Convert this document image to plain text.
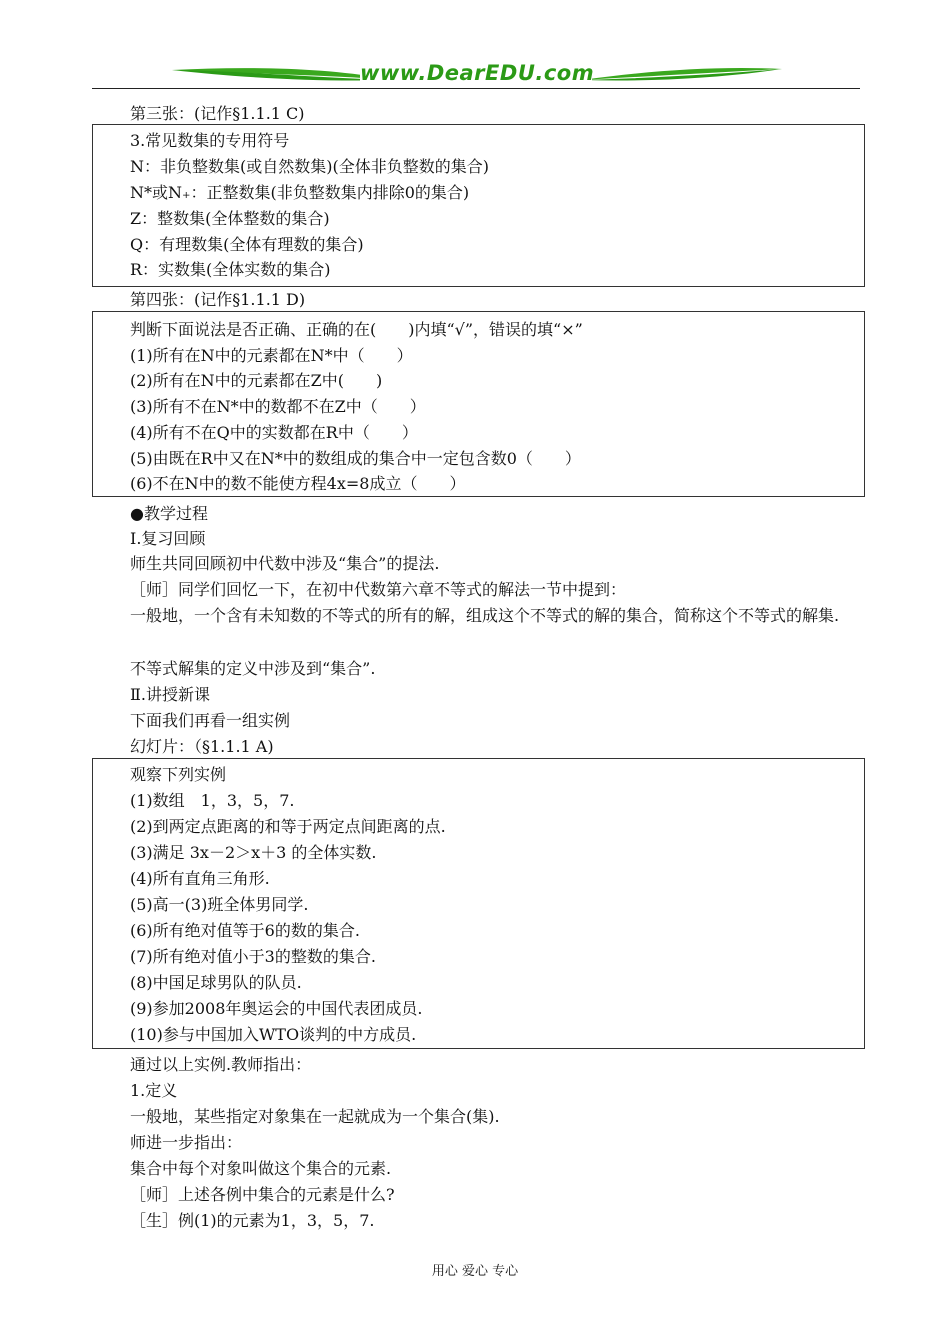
www.DearEDU.com
第三张：(记作§1.1.1 C)
3.常见数集的专用符号
N：非负整数集(或自然数集)(全体非负整数的集合)
N*或N₊：正整数集(非负整数集内排除0的集合)
Z：整数集(全体整数的集合)
Q：有理数集(全体有理数的集合)
R：实数集(全体实数的集合)
第四张：(记作§1.1.1 D)
判断下面说法是否正确、正确的在(　　)内填“√”，错误的填“×”
(1)所有在N中的元素都在N*中（　　）
(2)所有在N中的元素都在Z中(　　)
(3)所有不在N*中的数都不在Z中（　　）
(4)所有不在Q中的实数都在R中（　　）
(5)由既在R中又在N*中的数组成的集合中一定包含数0（　　）
(6)不在N中的数不能使方程4x=8成立（　　）
●教学过程
Ⅰ.复习回顾
师生共同回顾初中代数中涉及“集合”的提法.
［师］同学们回忆一下，在初中代数第六章不等式的解法一节中提到：
一般地，一个含有未知数的不等式的所有的解，组成这个不等式的解的集合，简称这个不等式的解集.
不等式解集的定义中涉及到“集合”.
Ⅱ.讲授新课
下面我们再看一组实例
幻灯片：（§1.1.1 A)
观察下列实例
(1)数组　1，3，5，7.
(2)到两定点距离的和等于两定点间距离的点.
(3)满足 3x－2＞x＋3 的全体实数.
(4)所有直角三角形.
(5)高一(3)班全体男同学.
(6)所有绝对值等于6的数的集合.
(7)所有绝对值小于3的整数的集合.
(8)中国足球男队的队员.
(9)参加2008年奥运会的中国代表团成员.
(10)参与中国加入WTO谈判的中方成员.
通过以上实例.教师指出：
1.定义
一般地，某些指定对象集在一起就成为一个集合(集).
师进一步指出：
集合中每个对象叫做这个集合的元素.
［师］上述各例中集合的元素是什么?
［生］例(1)的元素为1，3，5，7.
用心 爱心 专心
